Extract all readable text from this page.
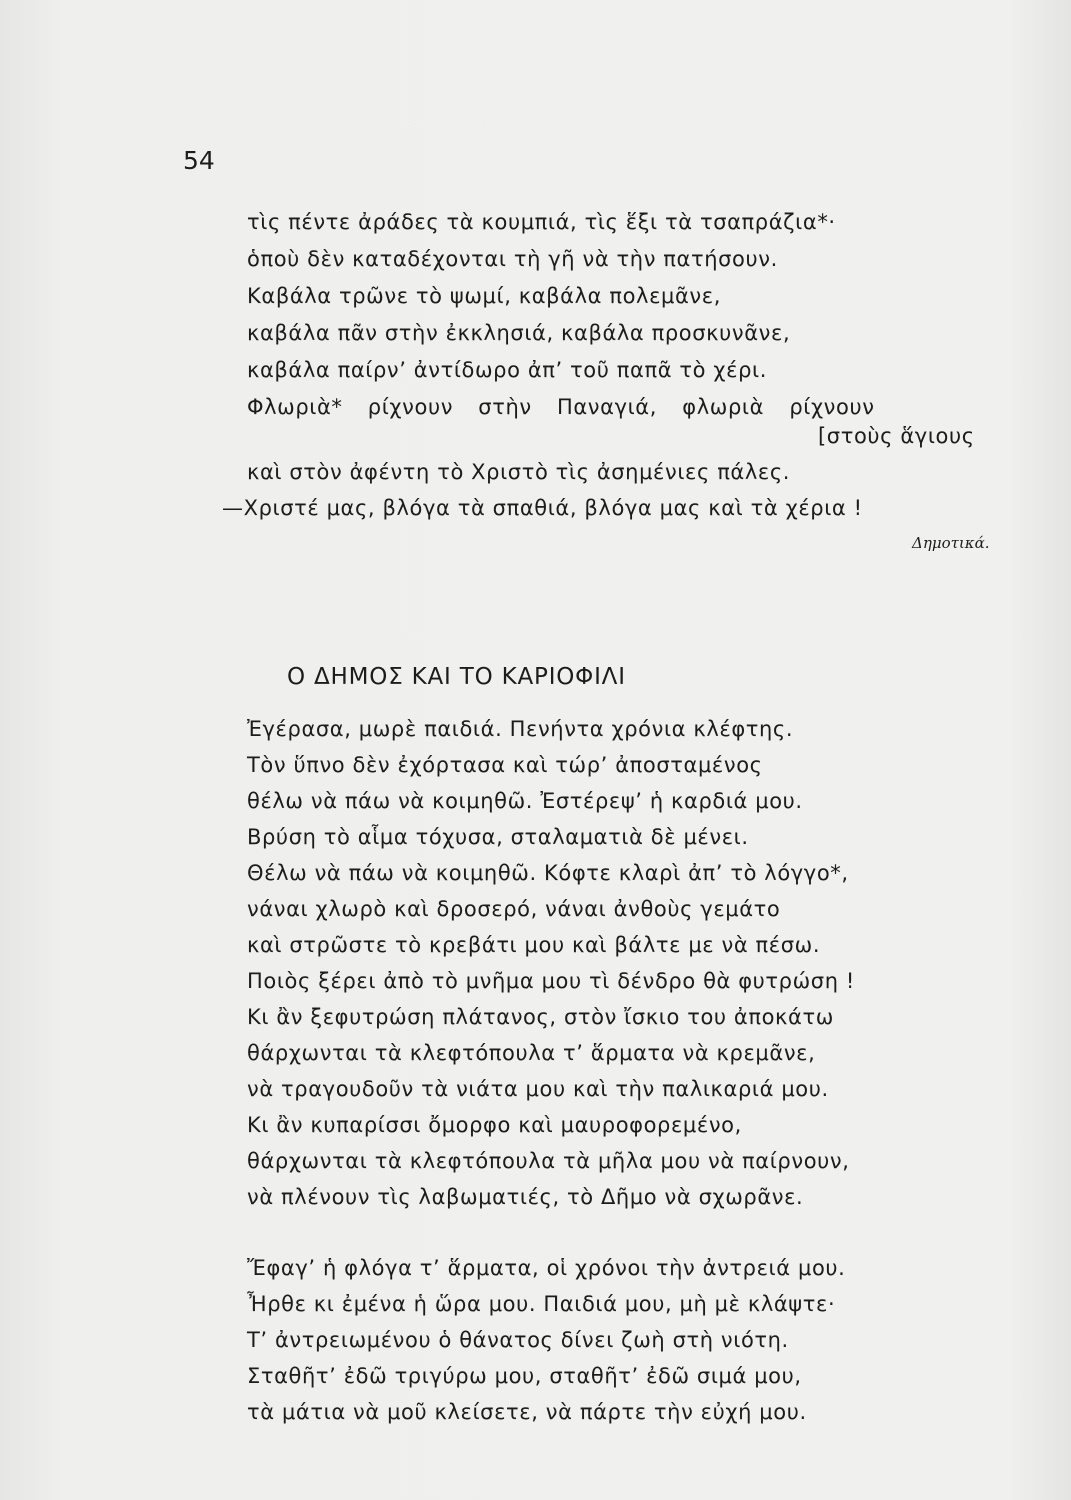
54
τὶς πέντε ἀράδες τὰ κουμπιά, τὶς ἕξι τὰ τσαπράζια*·
ὁποὺ δὲν καταδέχονται τὴ γῆ νὰ τὴν πατήσουν.
Καβάλα τρῶνε τὸ ψωμί, καβάλα πολεμᾶνε,
καβάλα πᾶν στὴν ἐκκλησιά, καβάλα προσκυνᾶνε,
καβάλα παίρν’ ἀντίδωρο ἀπ’ τοῦ παπᾶ τὸ χέρι.
Φλωριὰ* ρίχνουν στὴν Παναγιά, φλωριὰ ρίχνουν
[στοὺς ἅγιους
καὶ στὸν ἀφέντη τὸ Χριστὸ τὶς ἀσημένιες πάλες.
—Χριστέ μας, βλόγα τὰ σπαθιά, βλόγα μας καὶ τὰ χέρια !
Δημοτικά.
Ο ΔΗΜΟΣ ΚΑΙ ΤΟ ΚΑΡΙΟΦΙΛΙ
Ἐγέρασα, μωρὲ παιδιά. Πενήντα χρόνια κλέφτης.
Τὸν ὕπνο δὲν ἐχόρτασα καὶ τώρ’ ἀποσταμένος
θέλω νὰ πάω νὰ κοιμηθῶ. Ἐστέρεψ’ ἡ καρδιά μου.
Βρύση τὸ αἷμα τόχυσα, σταλαματιὰ δὲ μένει.
Θέλω νὰ πάω νὰ κοιμηθῶ. Κόφτε κλαρὶ ἀπ’ τὸ λόγγο*,
νάναι χλωρὸ καὶ δροσερό, νάναι ἀνθοὺς γεμάτο
καὶ στρῶστε τὸ κρεβάτι μου καὶ βάλτε με νὰ πέσω.
Ποιὸς ξέρει ἀπὸ τὸ μνῆμα μου τὶ δένδρο θὰ φυτρώση !
Κι ἂν ξεφυτρώση πλάτανος, στὸν ἴσκιο του ἀποκάτω
θάρχωνται τὰ κλεφτόπουλα τ’ ἅρματα νὰ κρεμᾶνε,
νὰ τραγουδοῦν τὰ νιάτα μου καὶ τὴν παλικαριά μου.
Κι ἂν κυπαρίσσι ὄμορφο καὶ μαυροφορεμένο,
θάρχωνται τὰ κλεφτόπουλα τὰ μῆλα μου νὰ παίρνουν,
νὰ πλένουν τὶς λαβωματιές, τὸ Δῆμο νὰ σχωρᾶνε.
Ἔφαγ’ ἡ φλόγα τ’ ἅρματα, οἱ χρόνοι τὴν ἀντρειά μου.
Ἦρθε κι ἐμένα ἡ ὥρα μου. Παιδιά μου, μὴ μὲ κλάψτε·
Τ’ ἀντρειωμένου ὁ θάνατος δίνει ζωὴ στὴ νιότη.
Σταθῆτ’ ἐδῶ τριγύρω μου, σταθῆτ’ ἐδῶ σιμά μου,
τὰ μάτια νὰ μοῦ κλείσετε, νὰ πάρτε τὴν εὐχή μου.
